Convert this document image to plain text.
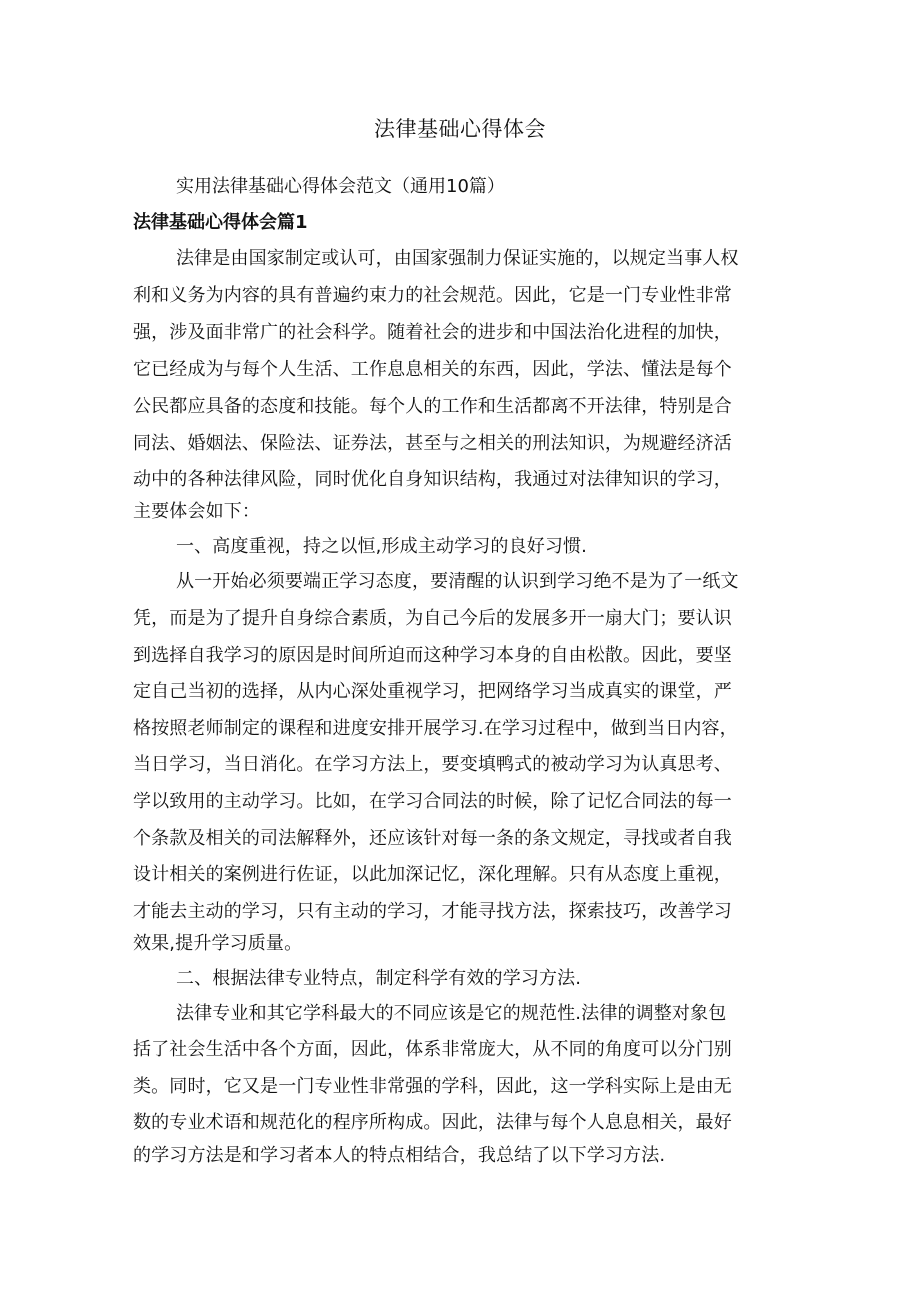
法律基础心得体会
实用法律基础心得体会范文（通用10篇）
法律基础心得体会篇1
法律是由国家制定或认可，由国家强制力保证实施的，以规定当事人权
利和义务为内容的具有普遍约束力的社会规范。因此，它是一门专业性非常
强，涉及面非常广的社会科学。随着社会的进步和中国法治化进程的加快，
它已经成为与每个人生活、工作息息相关的东西，因此，学法、懂法是每个
公民都应具备的态度和技能。每个人的工作和生活都离不开法律，特别是合
同法、婚姻法、保险法、证券法，甚至与之相关的刑法知识，为规避经济活
动中的各种法律风险，同时优化自身知识结构，我通过对法律知识的学习，
主要体会如下：
一、高度重视，持之以恒,形成主动学习的良好习惯.
从一开始必须要端正学习态度，要清醒的认识到学习绝不是为了一纸文
凭，而是为了提升自身综合素质，为自己今后的发展多开一扇大门；要认识
到选择自我学习的原因是时间所迫而这种学习本身的自由松散。因此，要坚
定自己当初的选择，从内心深处重视学习，把网络学习当成真实的课堂，严
格按照老师制定的课程和进度安排开展学习.在学习过程中，做到当日内容，
当日学习，当日消化。在学习方法上，要变填鸭式的被动学习为认真思考、
学以致用的主动学习。比如，在学习合同法的时候，除了记忆合同法的每一
个条款及相关的司法解释外，还应该针对每一条的条文规定，寻找或者自我
设计相关的案例进行佐证，以此加深记忆，深化理解。只有从态度上重视，
才能去主动的学习，只有主动的学习，才能寻找方法，探索技巧，改善学习
效果,提升学习质量。
二、根据法律专业特点，制定科学有效的学习方法.
法律专业和其它学科最大的不同应该是它的规范性.法律的调整对象包
括了社会生活中各个方面，因此，体系非常庞大，从不同的角度可以分门别
类。同时，它又是一门专业性非常强的学科，因此，这一学科实际上是由无
数的专业术语和规范化的程序所构成。因此，法律与每个人息息相关，最好
的学习方法是和学习者本人的特点相结合，我总结了以下学习方法.
